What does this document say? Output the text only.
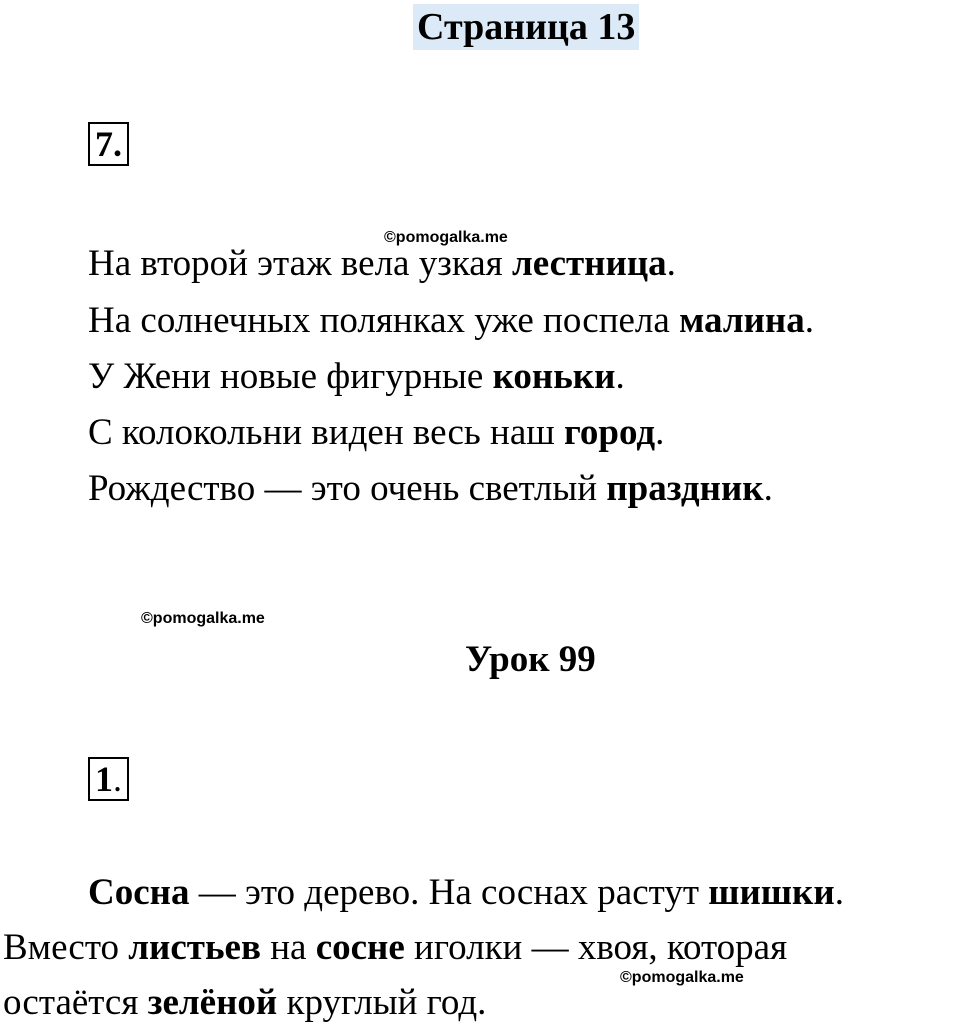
Страница 13
7.
©pomogalka.me
На второй этаж вела узкая лестница.
На солнечных полянках уже поспела малина.
У Жени новые фигурные коньки.
С колокольни виден весь наш город.
Рождество — это очень светлый праздник.
©pomogalka.me
Урок 99
1.
Сосна — это дерево. На соснах растут шишки.
Вместо листьев на сосне иголки — хвоя, которая
©pomogalka.me
остаётся зелёной круглый год.
